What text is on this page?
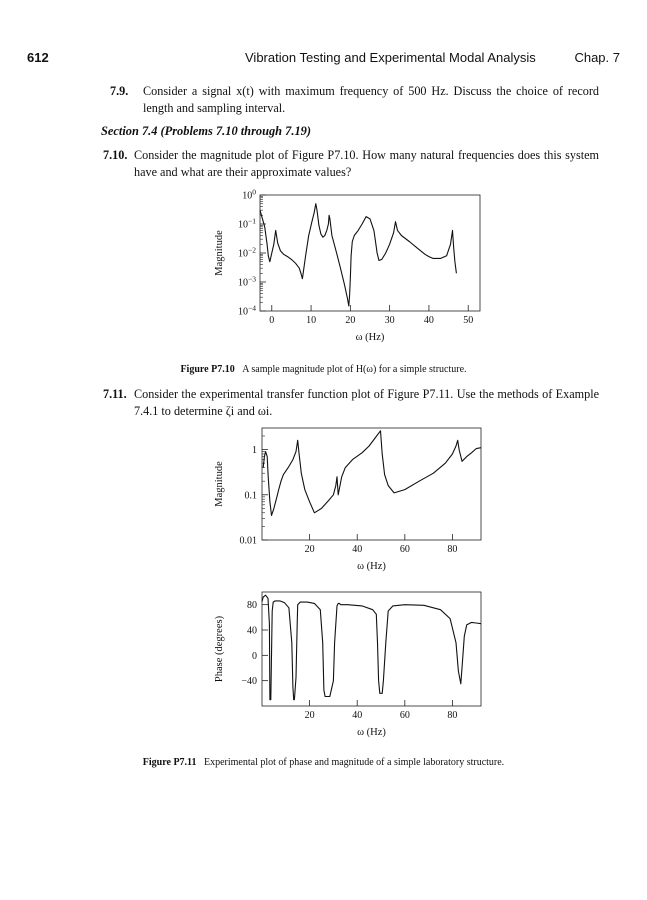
612	Vibration Testing and Experimental Modal Analysis	Chap. 7
7.9. Consider a signal x(t) with maximum frequency of 500 Hz. Discuss the choice of record length and sampling interval.
Section 7.4 (Problems 7.10 through 7.19)
7.10. Consider the magnitude plot of Figure P7.10. How many natural frequencies does this system have and what are their approximate values?
0	10	20	30	40	50
$10^0$
$10^{-1}$
$10^{-2}$
$10^{-3}$
$10^{-4}$
ω (Hz)
Magnitude
Figure P7.10 A sample magnitude plot of H(ω) for a simple structure.
7.11. Consider the experimental transfer function plot of Figure P7.11. Use the methods of Example 7.4.1 to determine ζi and ωi.
20	40	60	80
1
0.1
0.01
ω (Hz)
Magnitude
20	40	60	80
80
40
0
−40
ω (Hz)
Phase (degrees)
Figure P7.11 Experimental plot of phase and magnitude of a simple laboratory structure.
